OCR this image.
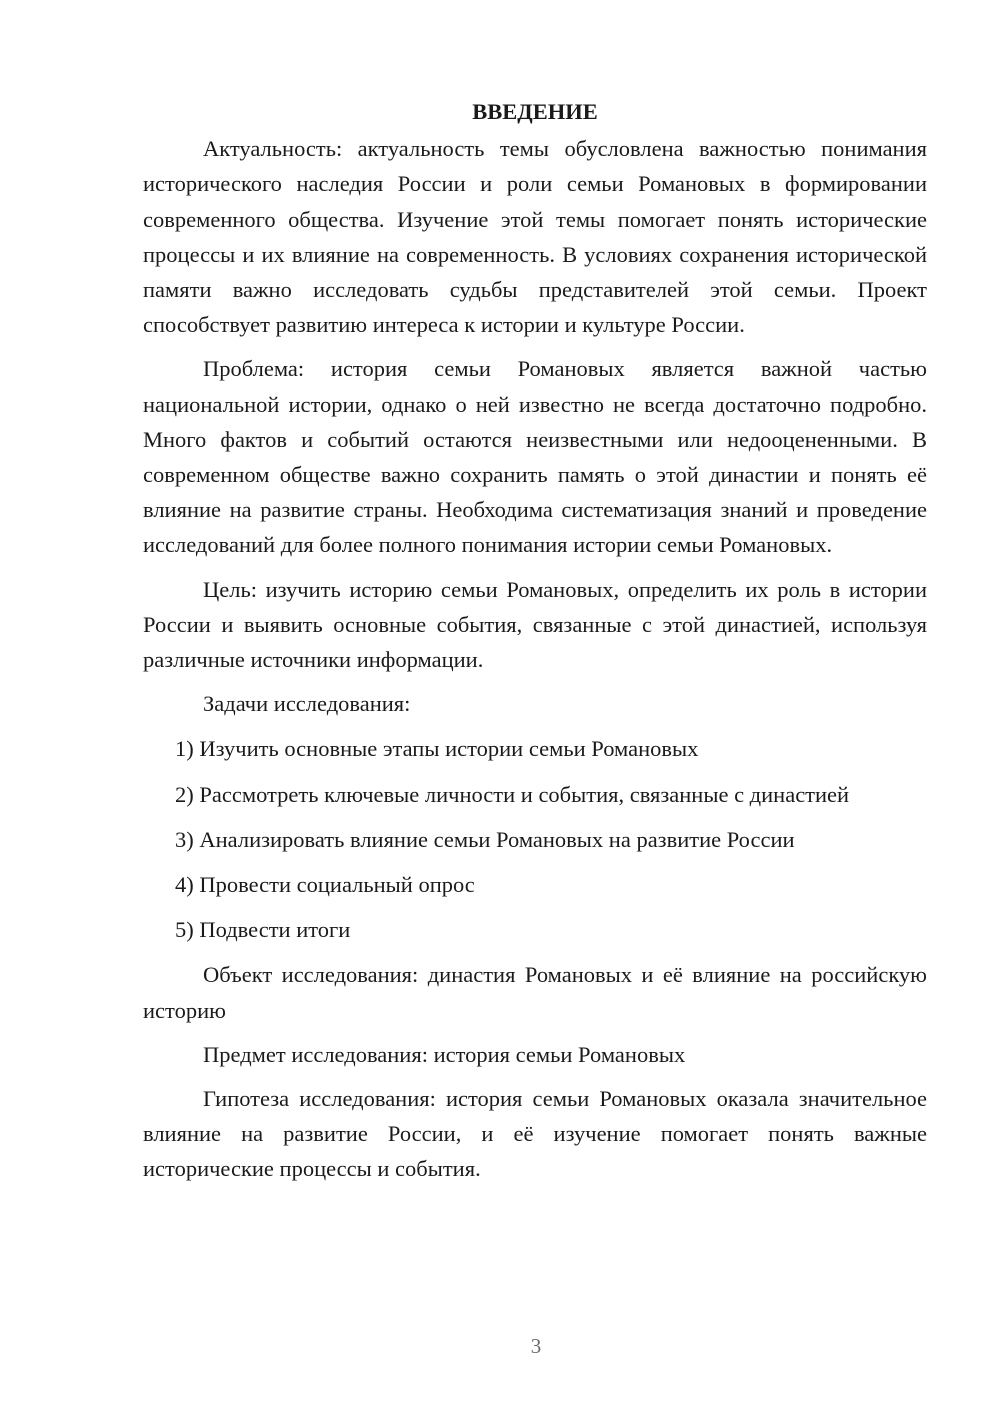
ВВЕДЕНИЕ

Актуальность: актуальность темы обусловлена важностью понимания исторического наследия России и роли семьи Романовых в формировании современного общества. Изучение этой темы помогает понять исторические процессы и их влияние на современность. В условиях сохранения исторической памяти важно исследовать судьбы представителей этой семьи. Проект способствует развитию интереса к истории и культуре России.

Проблема: история семьи Романовых является важной частью национальной истории, однако о ней известно не всегда достаточно подробно. Много фактов и событий остаются неизвестными или недооцененными. В современном обществе важно сохранить память о этой династии и понять её влияние на развитие страны. Необходима систематизация знаний и проведение исследований для более полного понимания истории семьи Романовых.

Цель: изучить историю семьи Романовых, определить их роль в истории России и выявить основные события, связанные с этой династией, используя различные источники информации.

Задачи исследования:

1) Изучить основные этапы истории семьи Романовых

2) Рассмотреть ключевые личности и события, связанные с династией

3) Анализировать влияние семьи Романовых на развитие России

4) Провести социальный опрос

5) Подвести итоги

Объект исследования: династия Романовых и её влияние на российскую историю

Предмет исследования: история семьи Романовых

Гипотеза исследования: история семьи Романовых оказала значительное влияние на развитие России, и её изучение помогает понять важные исторические процессы и события.

3
